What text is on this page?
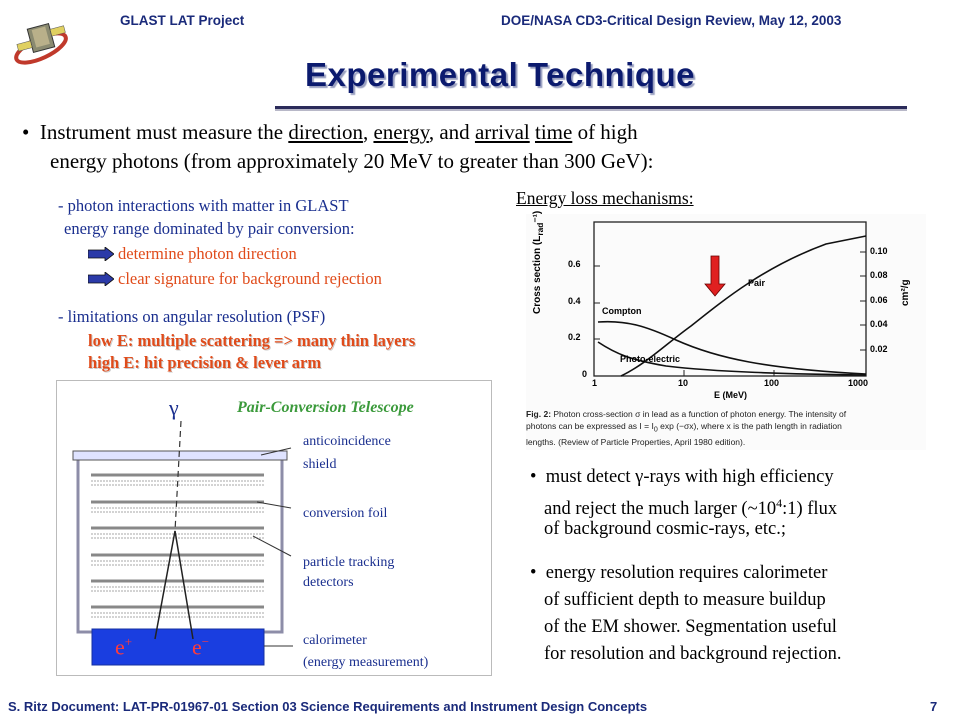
GLAST LAT Project	DOE/NASA CD3-Critical Design Review, May 12, 2003
Experimental Technique
•  Instrument must measure the direction, energy, and arrival time of high
energy photons (from approximately 20 MeV to greater than 300 GeV):
- photon interactions with matter in GLAST
energy range dominated by pair conversion:
determine photon direction
clear signature for background rejection
- limitations on angular resolution (PSF)
low E: multiple scattering => many thin layers
high E: hit precision & lever arm
γ	Pair-Conversion Telescope
anticoincidence
shield
conversion foil
particle tracking
detectors
calorimeter
(energy measurement)
e+	e−
Energy loss mechanisms:
Cross section $(L_{rad}^{-1})$
cm²/g
0.6
0.4
0.2
0
0.10
0.08
0.06
0.04
0.02
1	10	100	1000
E (MeV)
Pair
Compton
Photo-electric
Fig. 2: Photon cross-section σ in lead as a function of photon energy. The intensity of
photons can be expressed as $I = I_0$ exp (−σx), where x is the path length in radiation
lengths. (Review of Particle Properties, April 1980 edition).
•  must detect γ-rays with high efficiency
and reject the much larger $(\sim 10^4:1)$ flux
of background cosmic-rays, etc.;
•  energy resolution requires calorimeter
of sufficient depth to measure buildup
of the EM shower. Segmentation useful
for resolution and background rejection.
S. Ritz Document: LAT-PR-01967-01 Section 03 Science Requirements and Instrument Design Concepts	7
